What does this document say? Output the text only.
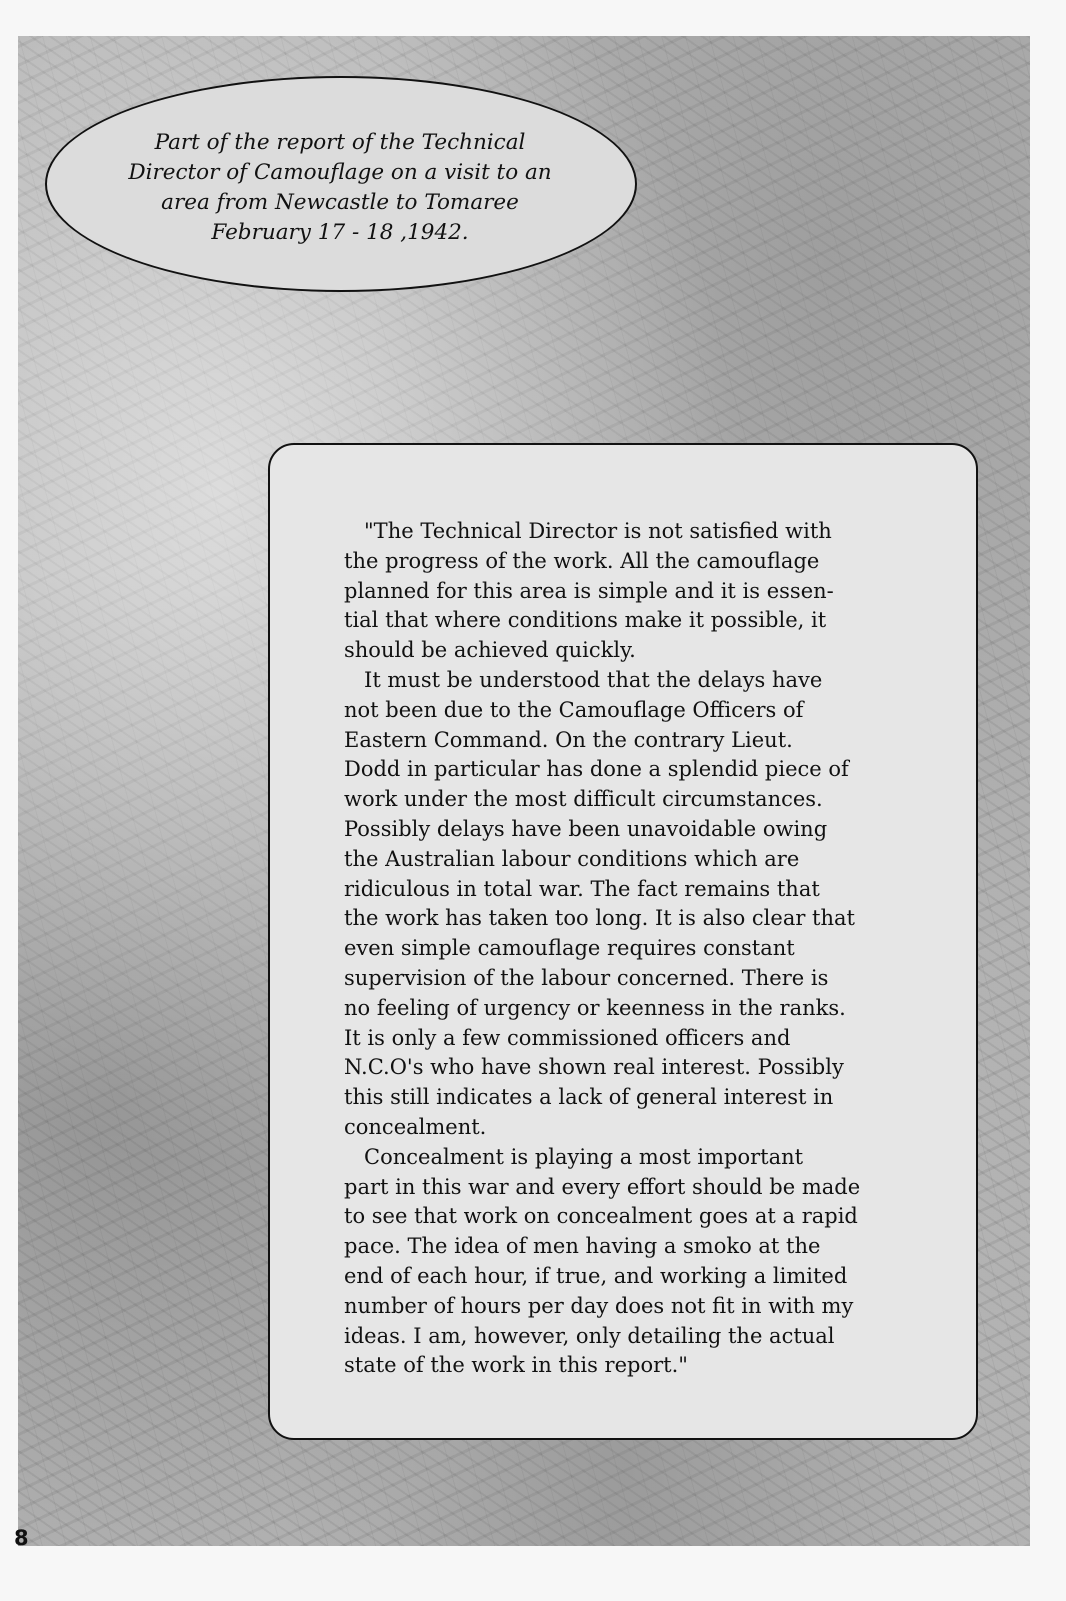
Part of the report of the Technical
Director of Camouflage on a visit to an
area from Newcastle to Tomaree
February 17 - 18 ,1942.
"The Technical Director is not satisfied with
the progress of the work. All the camouflage
planned for this area is simple and it is essen-
tial that where conditions make it possible, it
should be achieved quickly.
It must be understood that the delays have
not been due to the Camouflage Officers of
Eastern Command. On the contrary Lieut.
Dodd in particular has done a splendid piece of
work under the most difficult circumstances.
Possibly delays have been unavoidable owing
the Australian labour conditions which are
ridiculous in total war. The fact remains that
the work has taken too long. It is also clear that
even simple camouflage requires constant
supervision of the labour concerned. There is
no feeling of urgency or keenness in the ranks.
It is only a few commissioned officers and
N.C.O's who have shown real interest. Possibly
this still indicates a lack of general interest in
concealment.
Concealment is playing a most important
part in this war and every effort should be made
to see that work on concealment goes at a rapid
pace. The idea of men having a smoko at the
end of each hour, if true, and working a limited
number of hours per day does not fit in with my
ideas. I am, however, only detailing the actual
state of the work in this report."
8
